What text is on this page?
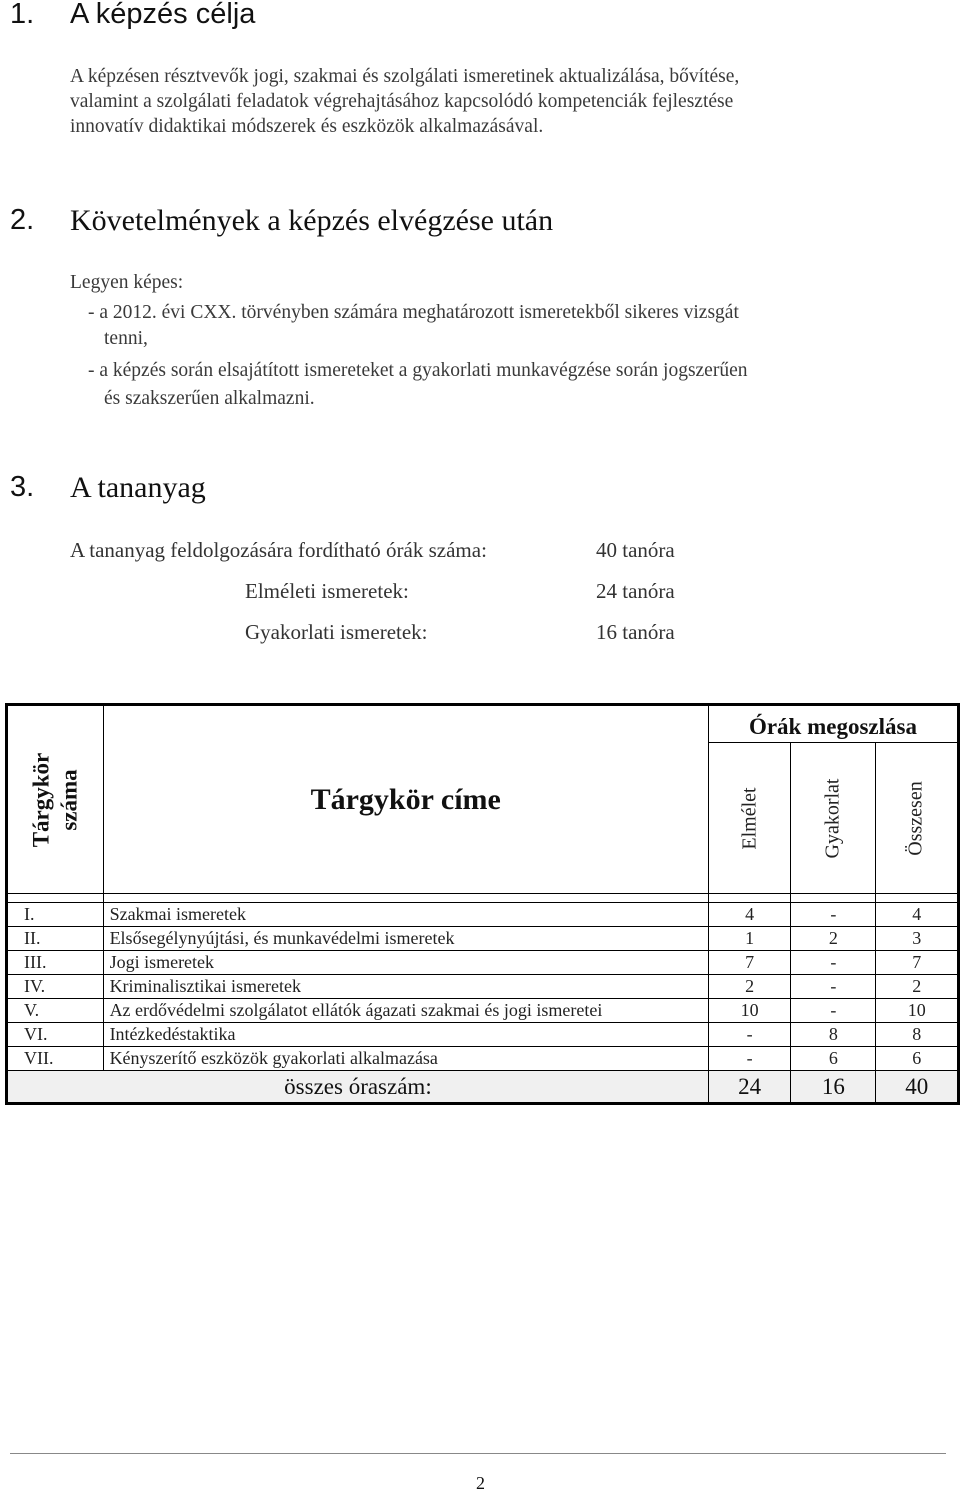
1. A képzés célja
A képzésen résztvevők jogi, szakmai és szolgálati ismeretinek aktualizálása, bővítése,
valamint a szolgálati feladatok végrehajtásához kapcsolódó kompetenciák fejlesztése
innovatív didaktikai módszerek és eszközök alkalmazásával.
2. Követelmények a képzés elvégzése után
Legyen képes:
- a 2012. évi CXX. törvényben számára meghatározott ismeretekből sikeres vizsgát
tenni,
- a képzés során elsajátított ismereteket a gyakorlati munkavégzése során jogszerűen
és szakszerűen alkalmazni.
3. A tananyag
A tananyag feldolgozására fordítható órák száma:	40 tanóra
Elméleti ismeretek:	24 tanóra
Gyakorlati ismeretek:	16 tanóra
Tárgykör száma	Tárgykör címe	Órák megoszlása		
		Elmélet	Gyakorlat	Összesen

I.	Szakmai ismeretek	4	-	4
II.	Elsősegélynyújtási, és munkavédelmi ismeretek	1	2	3
III.	Jogi ismeretek	7	-	7
IV.	Kriminalisztikai ismeretek	2	-	2
V.	Az erdővédelmi szolgálatot ellátók ágazati szakmai és jogi ismeretei	10	-	10
VI.	Intézkedéstaktika	-	8	8
VII.	Kényszerítő eszközök gyakorlati alkalmazása	-	6	6
összes óraszám:		24	16	40
2
